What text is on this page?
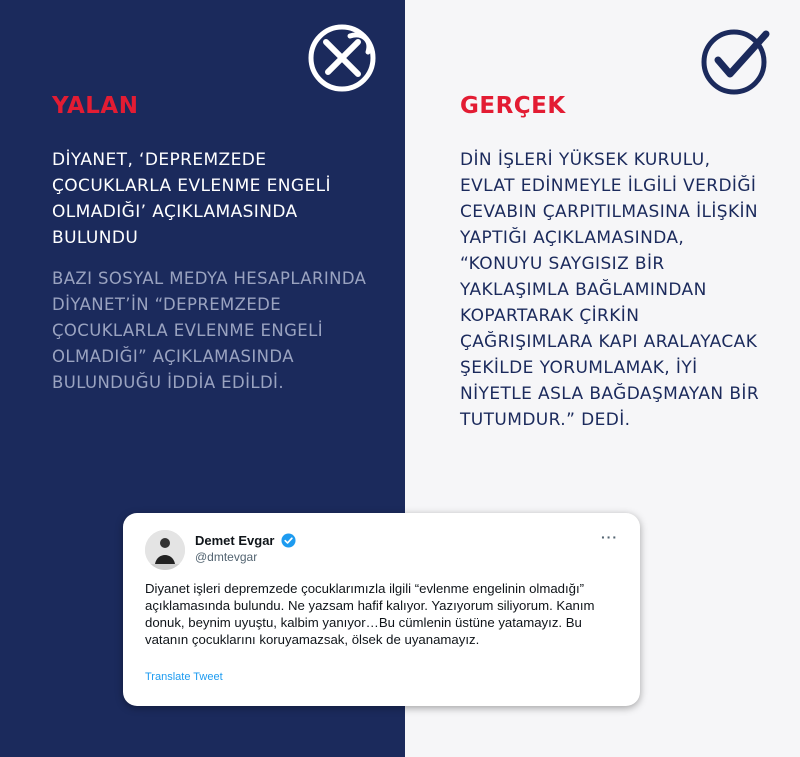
YALAN	GERÇEK
DİYANET, ‘DEPREMZEDE ÇOCUKLARLA EVLENME ENGELİ OLMADIĞI’ AÇIKLAMASINDA BULUNDU
BAZI SOSYAL MEDYA HESAPLARINDA DİYANET’İN “DEPREMZEDE ÇOCUKLARLA EVLENME ENGELİ OLMADIĞI” AÇIKLAMASINDA BULUNDUĞU İDDİA EDİLDİ.
DİN İŞLERİ YÜKSEK KURULU, EVLAT EDİNMEYLE İLGİLİ VERDİĞİ CEVABIN ÇARPITILMASINA İLİŞKİN YAPTIĞI AÇIKLAMASINDA, “KONUYU SAYGISIZ BİR YAKLAŞIMLA BAĞLAMINDAN KOPARTARAK ÇİRKİN ÇAĞRIŞIMLARA KAPI ARALAYACAK ŞEKİLDE YORUMLAMAK, İYİ NİYETLE ASLA BAĞDAŞMAYAN BİR TUTUMDUR.” DEDİ.
Demet Evgar
@dmtevgar
···
Diyanet işleri depremzede çocuklarımızla ilgili “evlenme engelinin olmadığı” açıklamasında bulundu. Ne yazsam hafif kalıyor. Yazıyorum siliyorum. Kanım donuk, beynim uyuştu, kalbim yanıyor…Bu cümlenin üstüne yatamayız. Bu vatanın çocuklarını koruyamazsak, ölsek de uyanamayız.
Translate Tweet
